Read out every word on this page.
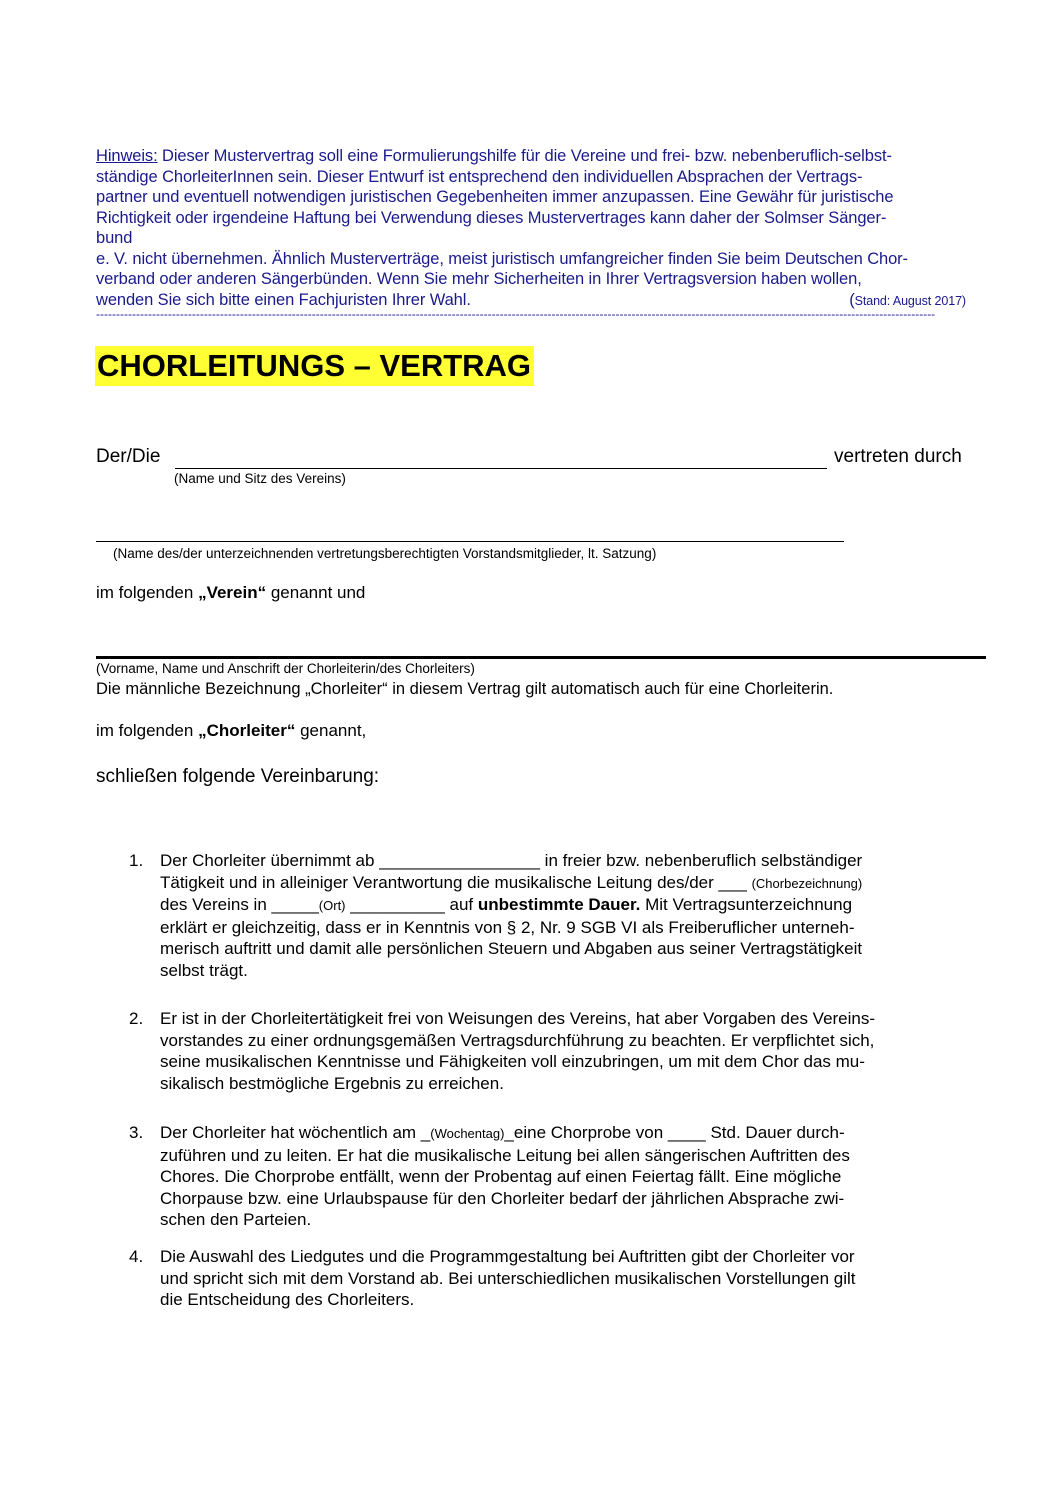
Hinweis: Dieser Mustervertrag soll eine Formulierungshilfe für die Vereine und frei- bzw. nebenberuflich-selbst-
ständige ChorleiterInnen sein. Dieser Entwurf ist entsprechend den individuellen Absprachen der Vertrags-
partner und eventuell notwendigen juristischen Gegebenheiten immer anzupassen. Eine Gewähr für juristische
Richtigkeit oder irgendeine Haftung bei Verwendung dieses Mustervertrages kann daher der Solmser Sänger-
bund
e. V. nicht übernehmen. Ähnlich Musterverträge, meist juristisch umfangreicher finden Sie beim Deutschen Chor-
verband oder anderen Sängerbünden. Wenn Sie mehr Sicherheiten in Ihrer Vertragsversion haben wollen,
wenden Sie sich bitte einen Fachjuristen Ihrer Wahl.	(Stand: August 2017)
------------------------------------------------------------------------------------------------------------------------------------------------------------------------------------------------------------------
CHORLEITUNGS – VERTRAG
Der/Die	vertreten durch
(Name und Sitz des Vereins)
(Name des/der unterzeichnenden vertretungsberechtigten Vorstandsmitglieder, lt. Satzung)
im folgenden „Verein“ genannt und
(Vorname, Name und Anschrift der Chorleiterin/des Chorleiters)
Die männliche Bezeichnung „Chorleiter“ in diesem Vertrag gilt automatisch auch für eine Chorleiterin.
im folgenden „Chorleiter“ genannt,
schließen folgende Vereinbarung:
1. Der Chorleiter übernimmt ab _________________ in freier bzw. nebenberuflich selbständiger
Tätigkeit und in alleiniger Verantwortung die musikalische Leitung des/der ___ (Chorbezeichnung)
des Vereins in _____(Ort) __________ auf unbestimmte Dauer. Mit Vertragsunterzeichnung
erklärt er gleichzeitig, dass er in Kenntnis von § 2, Nr. 9 SGB VI als Freiberuflicher unterneh-
merisch auftritt und damit alle persönlichen Steuern und Abgaben aus seiner Vertragstätigkeit
selbst trägt.
2. Er ist in der Chorleitertätigkeit frei von Weisungen des Vereins, hat aber Vorgaben des Vereins-
vorstandes zu einer ordnungsgemäßen Vertragsdurchführung zu beachten. Er verpflichtet sich,
seine musikalischen Kenntnisse und Fähigkeiten voll einzubringen, um mit dem Chor das mu-
sikalisch bestmögliche Ergebnis zu erreichen.
3. Der Chorleiter hat wöchentlich am _(Wochentag)_eine Chorprobe von ____ Std. Dauer durch-
zuführen und zu leiten. Er hat die musikalische Leitung bei allen sängerischen Auftritten des
Chores. Die Chorprobe entfällt, wenn der Probentag auf einen Feiertag fällt. Eine mögliche
Chorpause bzw. eine Urlaubspause für den Chorleiter bedarf der jährlichen Absprache zwi-
schen den Parteien.
4. Die Auswahl des Liedgutes und die Programmgestaltung bei Auftritten gibt der Chorleiter vor
und spricht sich mit dem Vorstand ab. Bei unterschiedlichen musikalischen Vorstellungen gilt
die Entscheidung des Chorleiters.
